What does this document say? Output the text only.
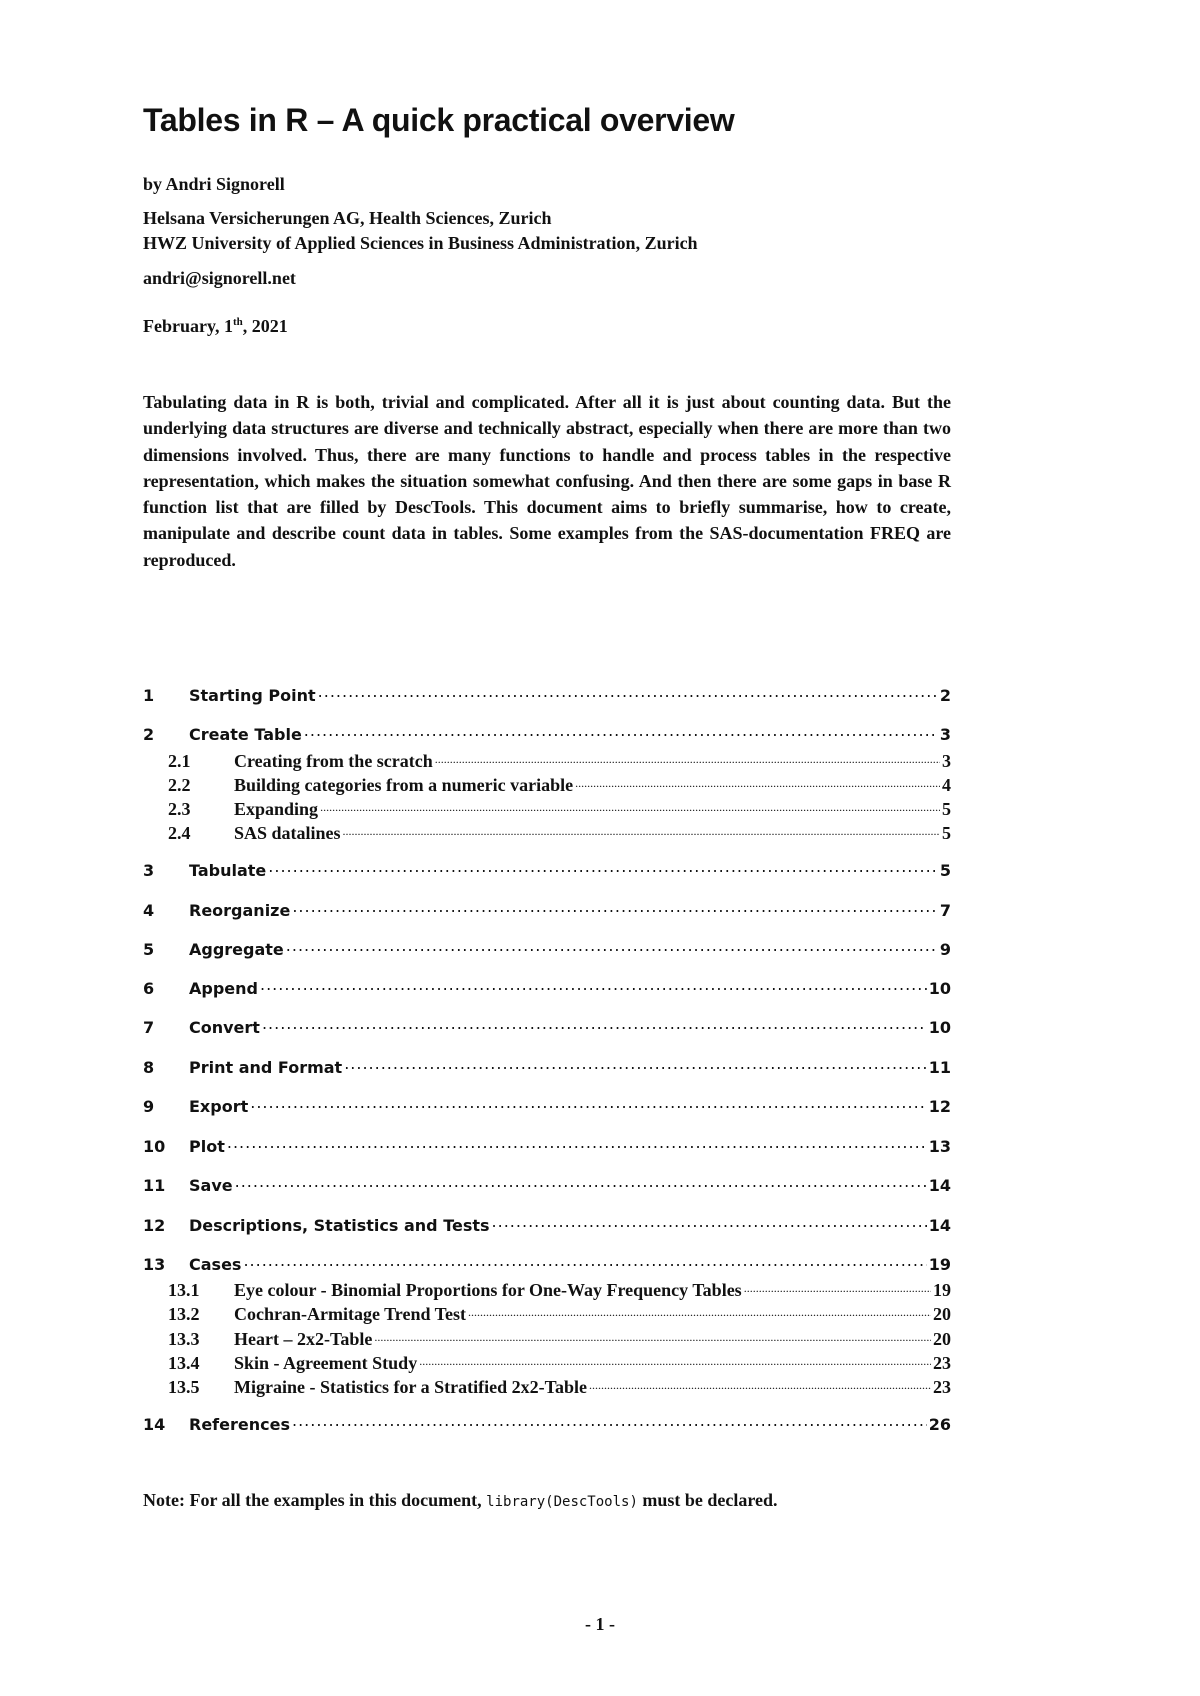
Tables in R – A quick practical overview
by Andri Signorell
Helsana Versicherungen AG, Health Sciences, Zurich
HWZ University of Applied Sciences in Business Administration, Zurich
andri@signorell.net
February, 1th, 2021

Tabulating data in R is both, trivial and complicated. After all it is just about counting data. But the underlying data structures are diverse and technically abstract, especially when there are more than two dimensions involved. Thus, there are many functions to handle and process tables in the respective representation, which makes the situation somewhat confusing. And then there are some gaps in base R function list that are filled by DescTools. This document aims to briefly summarise, how to create, manipulate and describe count data in tables. Some examples from the SAS-documentation FREQ are reproduced.

1	Starting Point .....	2
2	Create Table .....	3
2.1	Creating from the scratch .....	3
2.2	Building categories from a numeric variable .....	4
2.3	Expanding .....	5
2.4	SAS datalines .....	5
3	Tabulate .....	5
4	Reorganize .....	7
5	Aggregate .....	9
6	Append .....	10
7	Convert .....	10
8	Print and Format .....	11
9	Export .....	12
10	Plot .....	13
11	Save .....	14
12	Descriptions, Statistics and Tests .....	14
13	Cases .....	19
13.1	Eye colour - Binomial Proportions for One-Way Frequency Tables .....	19
13.2	Cochran-Armitage Trend Test .....	20
13.3	Heart – 2x2-Table .....	20
13.4	Skin - Agreement Study .....	23
13.5	Migraine - Statistics for a Stratified 2x2-Table .....	23
14	References .....	26
Note: For all the examples in this document, library(DescTools) must be declared.
- 1 -
